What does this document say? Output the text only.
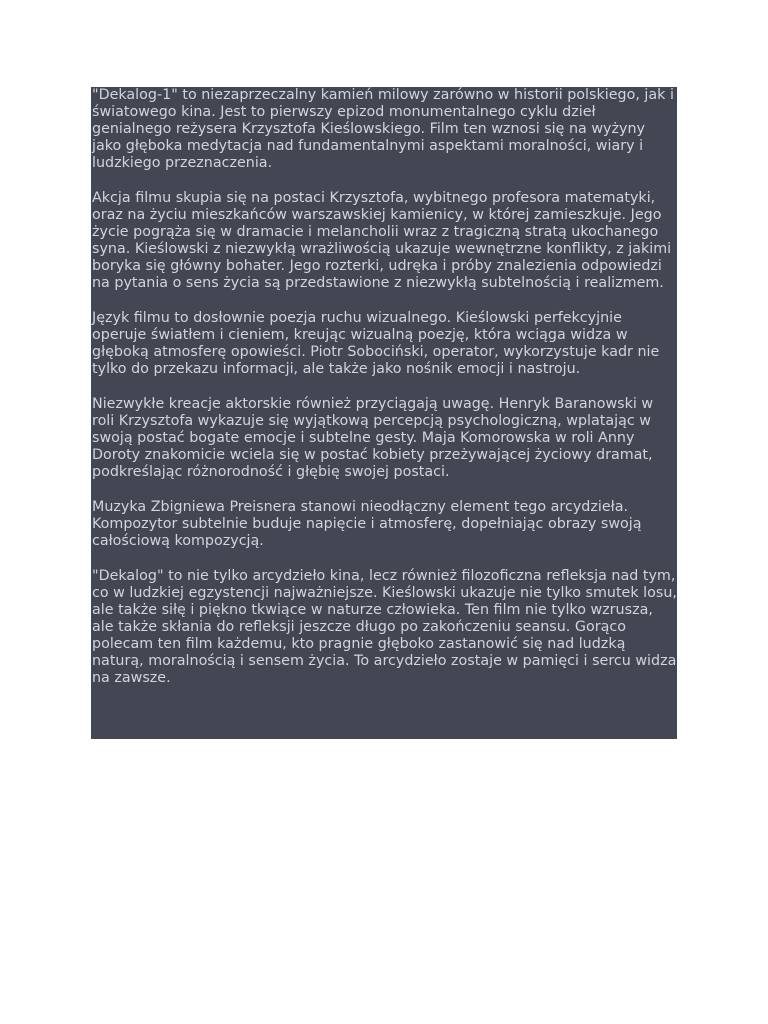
"Dekalog-1" to niezaprzeczalny kamień milowy zarówno w historii polskiego, jak i światowego kina. Jest to pierwszy epizod monumentalnego cyklu dzieł genialnego reżysera Krzysztofa Kieślowskiego. Film ten wznosi się na wyżyny jako głęboka medytacja nad fundamentalnymi aspektami moralności, wiary i ludzkiego przeznaczenia.

Akcja filmu skupia się na postaci Krzysztofa, wybitnego profesora matematyki, oraz na życiu mieszkańców warszawskiej kamienicy, w której zamieszkuje. Jego życie pogrąża się w dramacie i melancholii wraz z tragiczną stratą ukochanego syna. Kieślowski z niezwykłą wrażliwością ukazuje wewnętrzne konflikty, z jakimi boryka się główny bohater. Jego rozterki, udręka i próby znalezienia odpowiedzi na pytania o sens życia są przedstawione z niezwykłą subtelnością i realizmem.

Język filmu to dosłownie poezja ruchu wizualnego. Kieślowski perfekcyjnie operuje światłem i cieniem, kreując wizualną poezję, która wciąga widza w głęboką atmosferę opowieści. Piotr Sobociński, operator, wykorzystuje kadr nie tylko do przekazu informacji, ale także jako nośnik emocji i nastroju.

Niezwykłe kreacje aktorskie również przyciągają uwagę. Henryk Baranowski w roli Krzysztofa wykazuje się wyjątkową percepcją psychologiczną, wplatając w swoją postać bogate emocje i subtelne gesty. Maja Komorowska w roli Anny Doroty znakomicie wciela się w postać kobiety przeżywającej życiowy dramat, podkreślając różnorodność i głębię swojej postaci.

Muzyka Zbigniewa Preisnera stanowi nieodłączny element tego arcydzieła. Kompozytor subtelnie buduje napięcie i atmosferę, dopełniając obrazy swoją całościową kompozycją.

"Dekalog" to nie tylko arcydzieło kina, lecz również filozoficzna refleksja nad tym, co w ludzkiej egzystencji najważniejsze. Kieślowski ukazuje nie tylko smutek losu, ale także siłę i piękno tkwiące w naturze człowieka. Ten film nie tylko wzrusza, ale także skłania do refleksji jeszcze długo po zakończeniu seansu. Gorąco polecam ten film każdemu, kto pragnie głęboko zastanowić się nad ludzką naturą, moralnością i sensem życia. To arcydzieło zostaje w pamięci i sercu widza na zawsze.
